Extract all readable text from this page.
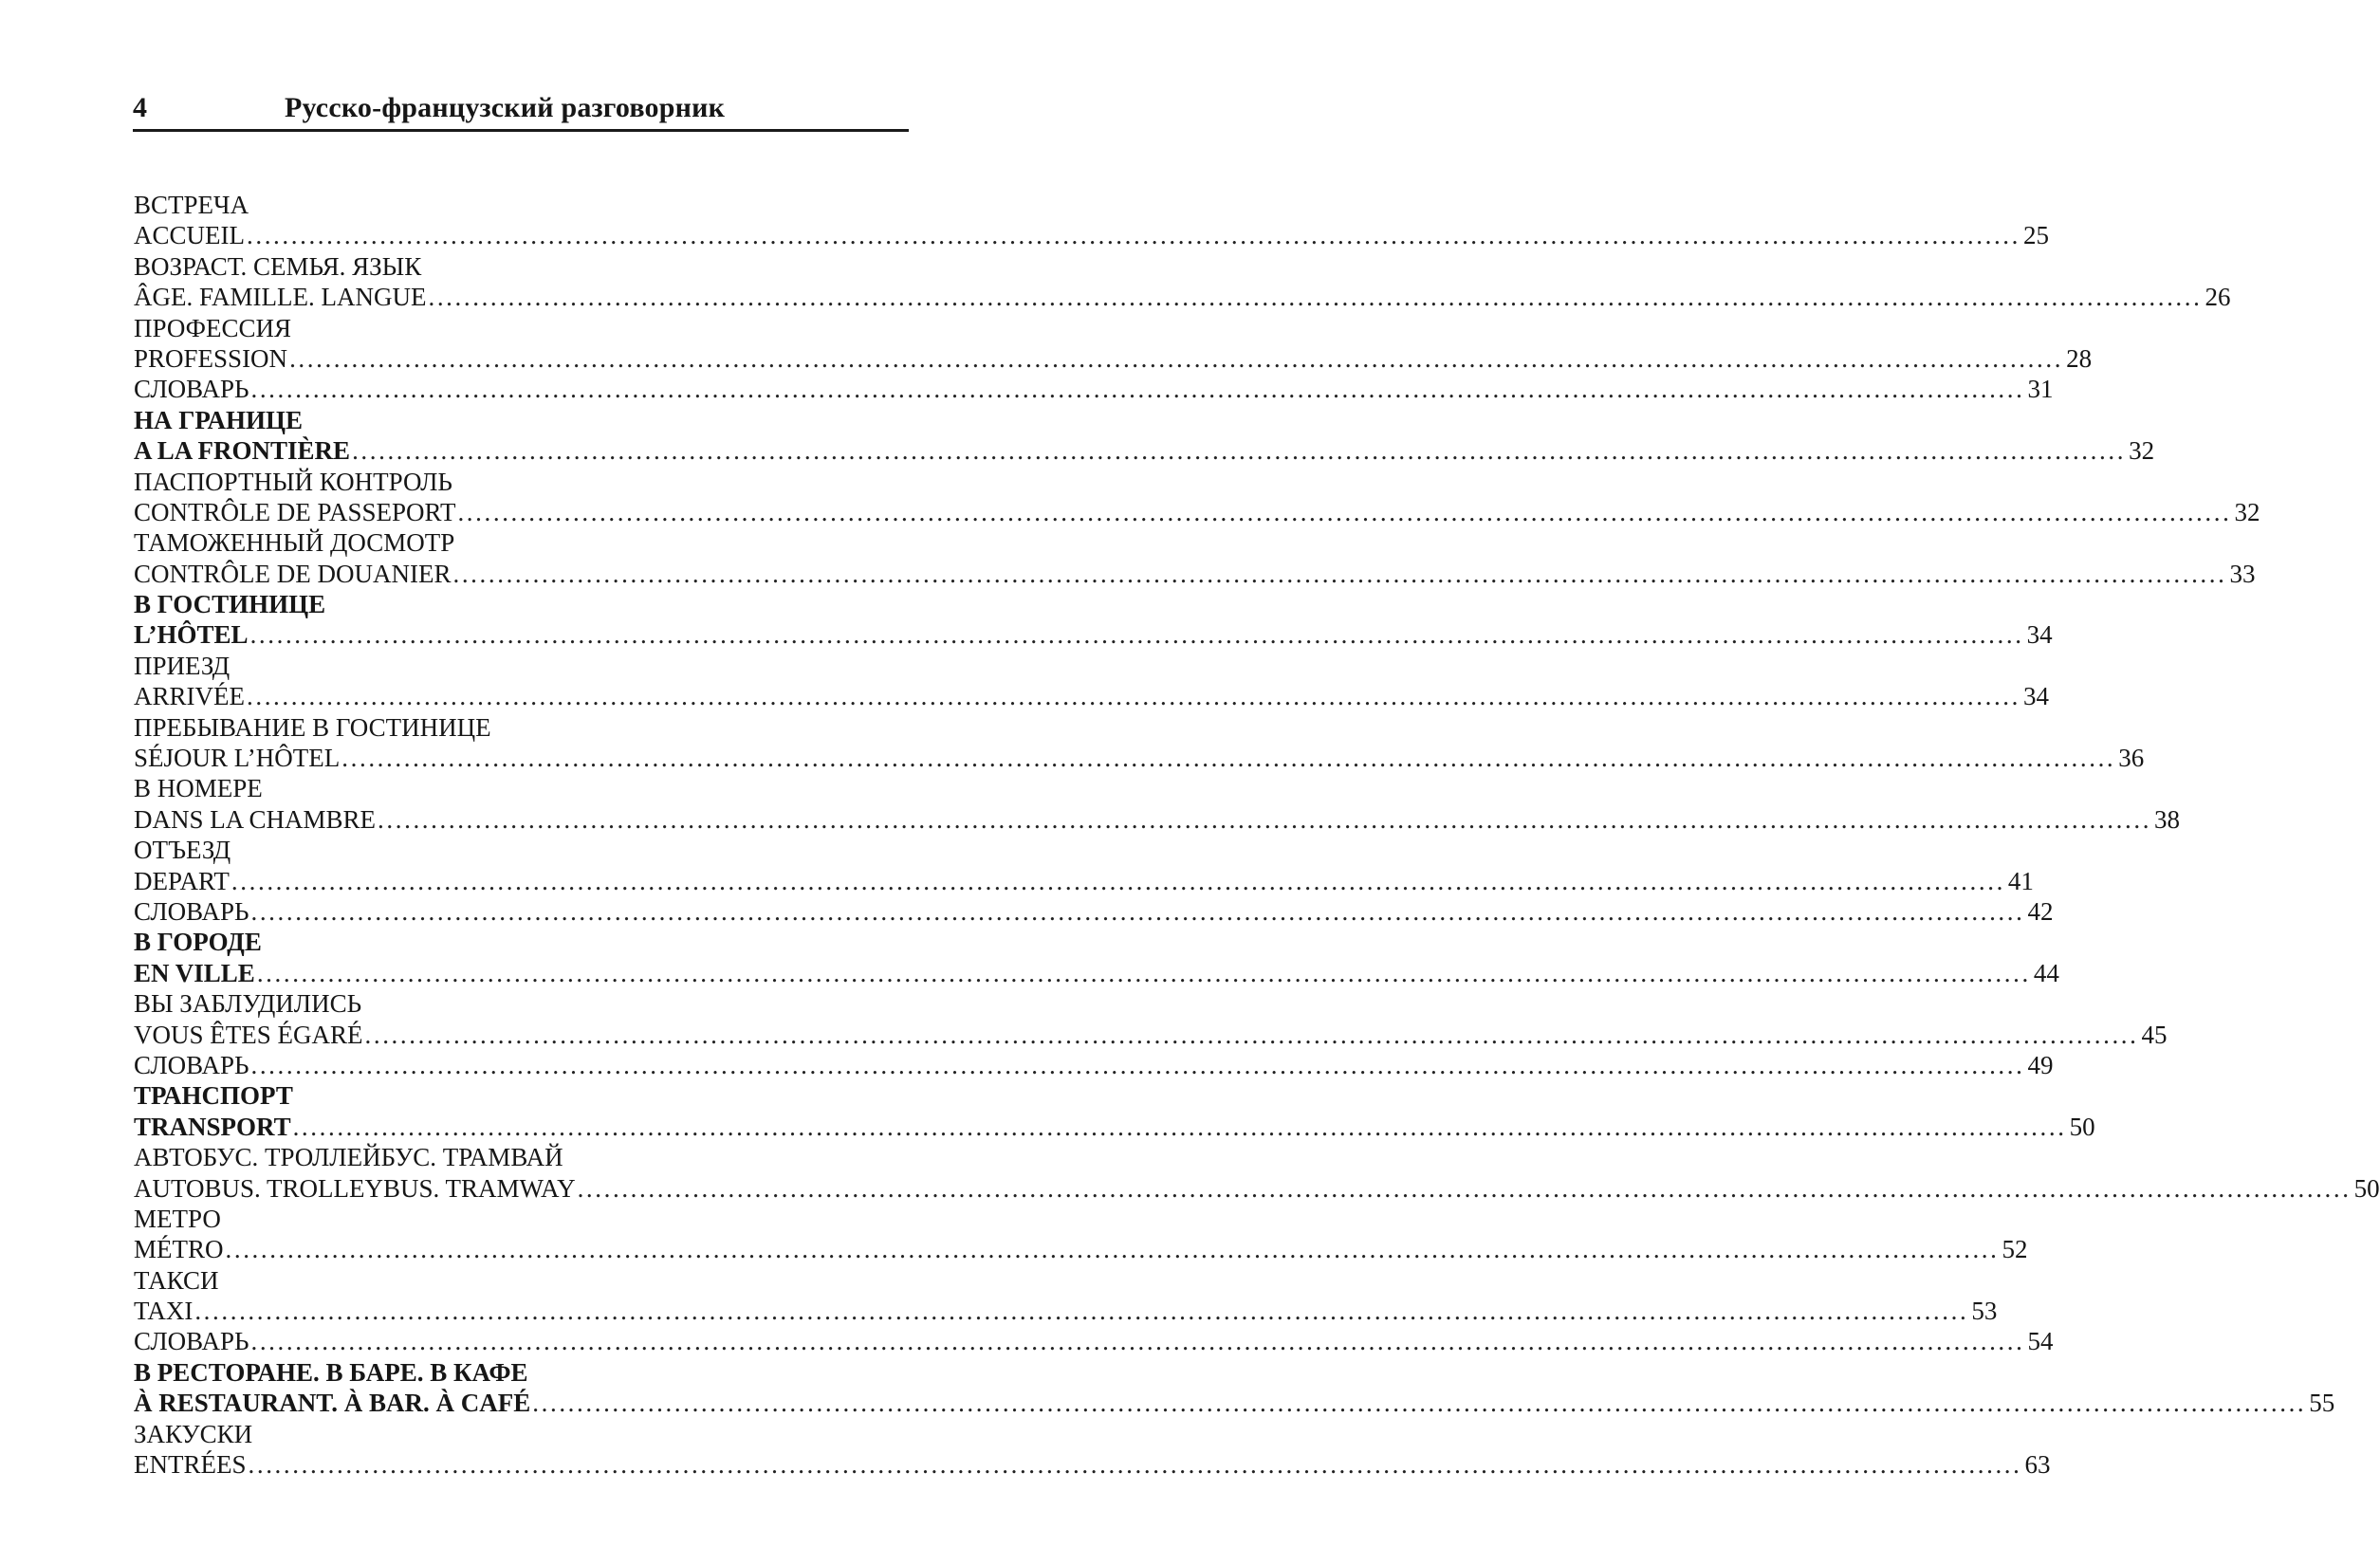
4	Русско-французский разговорник
ВСТРЕЧА
ACCUEIL ........................................................................................................................................................................................................ 25
ВОЗРАСТ. СЕМЬЯ. ЯЗЫК
ÂGE. FAMILLE. LANGUE ........................................................................................................................................................................................................ 26
ПРОФЕССИЯ
PROFESSION ........................................................................................................................................................................................................ 28
СЛОВАРЬ ........................................................................................................................................................................................................ 31
НА ГРАНИЦЕ
A LA FRONTIÈRE ........................................................................................................................................................................................................ 32
ПАСПОРТНЫЙ КОНТРОЛЬ
CONTRÔLE DE PASSEPORT ........................................................................................................................................................................................................ 32
ТАМОЖЕННЫЙ ДОСМОТР
CONTRÔLE DE DOUANIER ........................................................................................................................................................................................................ 33
В ГОСТИНИЦЕ
L’HÔTEL ........................................................................................................................................................................................................ 34
ПРИЕЗД
ARRIVÉE ........................................................................................................................................................................................................ 34
ПРЕБЫВАНИЕ В ГОСТИНИЦЕ
SÉJOUR L’HÔTEL ........................................................................................................................................................................................................ 36
В НОМЕРЕ
DANS LA CHAMBRE ........................................................................................................................................................................................................ 38
ОТЪЕЗД
DEPART ........................................................................................................................................................................................................ 41
СЛОВАРЬ ........................................................................................................................................................................................................ 42
В ГОРОДЕ
EN VILLE ........................................................................................................................................................................................................ 44
ВЫ ЗАБЛУДИЛИСЬ
VOUS ÊTES ÉGARÉ ........................................................................................................................................................................................................ 45
СЛОВАРЬ ........................................................................................................................................................................................................ 49
ТРАНСПОРТ
TRANSPORT ........................................................................................................................................................................................................ 50
АВТОБУС. ТРОЛЛЕЙБУС. ТРАМВАЙ
AUTOBUS. TROLLEYBUS. TRAMWAY ........................................................................................................................................................................................................ 50
МЕТРО
MÉTRO ........................................................................................................................................................................................................ 52
ТАКСИ
TAXI ........................................................................................................................................................................................................ 53
СЛОВАРЬ ........................................................................................................................................................................................................ 54
В РЕСТОРАНЕ. В БАРЕ. В КАФЕ
À RESTAURANT. À BAR. À CAFÉ ........................................................................................................................................................................................................ 55
ЗАКУСКИ
ENTRÉES ........................................................................................................................................................................................................ 63
